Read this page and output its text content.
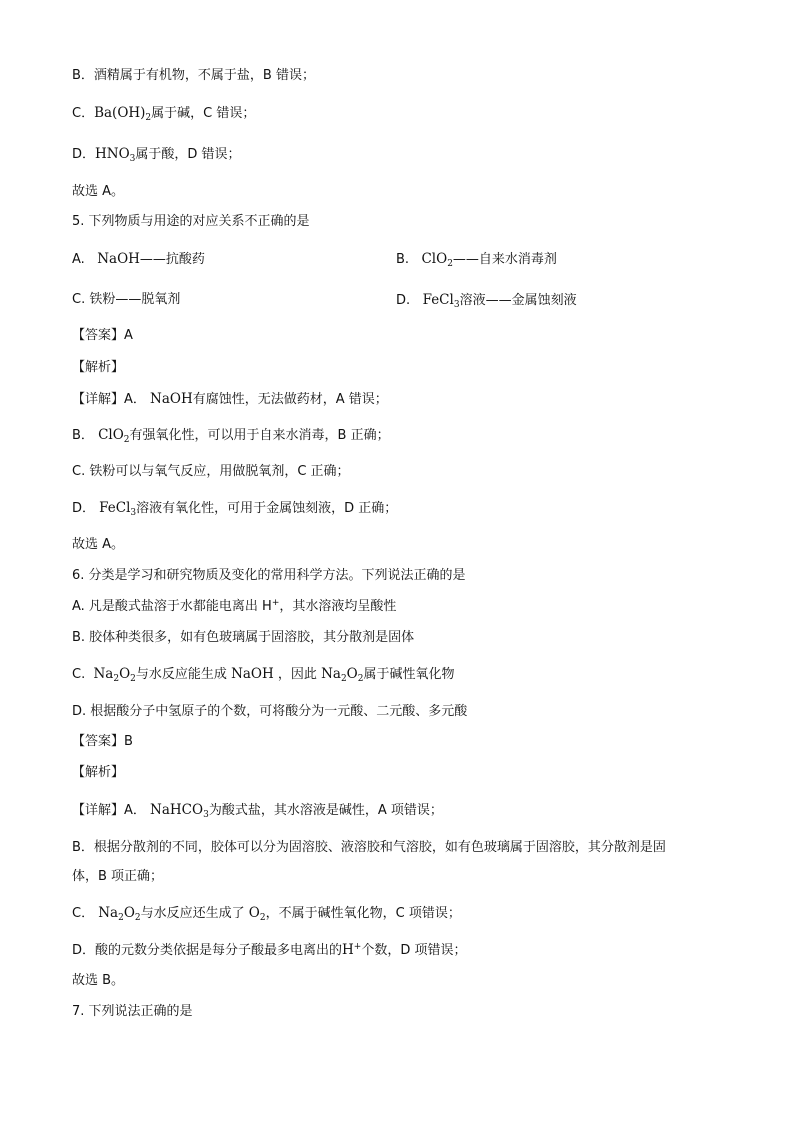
B．酒精属于有机物，不属于盐，B 错误；
C．$Ba(OH)_2$属于碱，C 错误；
D．$HNO_3$属于酸，D 错误；
故选 A。
5. 下列物质与用途的对应关系不正确的是
A. NaOH——抗酸药	B. ClO$_2$——自来水消毒剂
C. 铁粉——脱氧剂	D. FeCl$_3$溶液——金属蚀刻液
【答案】A
【解析】
【详解】A． NaOH有腐蚀性，无法做药材，A 错误；
B． ClO$_2$有强氧化性，可以用于自来水消毒，B 正确；
C. 铁粉可以与氧气反应，用做脱氧剂，C 正确；
D． FeCl$_3$溶液有氧化性，可用于金属蚀刻液，D 正确；
故选 A。
6. 分类是学习和研究物质及变化的常用科学方法。下列说法正确的是
A. 凡是酸式盐溶于水都能电离出 H+，其水溶液均呈酸性
B. 胶体种类很多，如有色玻璃属于固溶胶，其分散剂是固体
C. $Na_2O_2$与水反应能生成 NaOH ，因此 $Na_2O_2$属于碱性氧化物
D. 根据酸分子中氢原子的个数，可将酸分为一元酸、二元酸、多元酸
【答案】B
【解析】
【详解】A． NaHCO$_3$为酸式盐，其水溶液是碱性，A 项错误；
B．根据分散剂的不同，胶体可以分为固溶胶、液溶胶和气溶胶，如有色玻璃属于固溶胶，其分散剂是固
体，B 项正确；
C． $Na_2O_2$与水反应还生成了 $O_2$，不属于碱性氧化物，C 项错误；
D．酸的元数分类依据是每分子酸最多电离出的H+个数，D 项错误；
故选 B。
7. 下列说法正确的是
